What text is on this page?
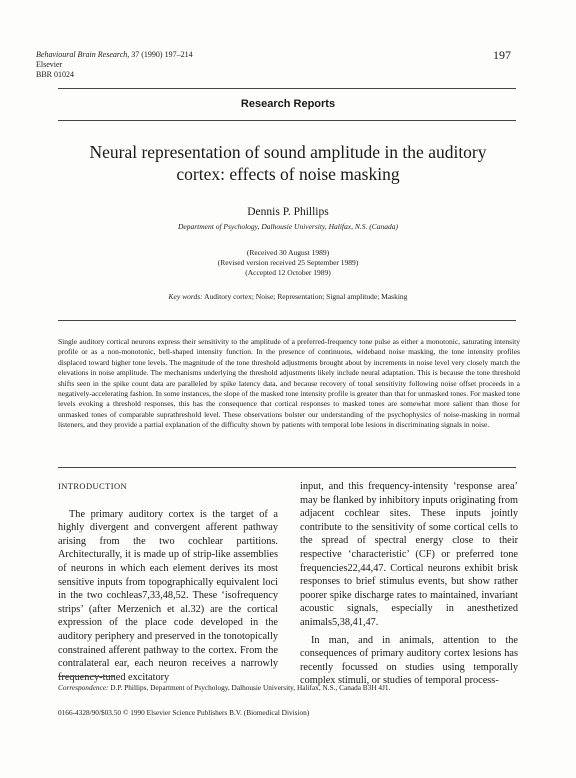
Behavioural Brain Research, 37 (1990) 197–214
Elsevier
BBR 01024
197
Research Reports
Neural representation of sound amplitude in the auditory cortex: effects of noise masking
Dennis P. Phillips
Department of Psychology, Dalhousie University, Halifax, N.S. (Canada)
(Received 30 August 1989)
(Revised version received 25 September 1989)
(Accepted 12 October 1989)
Key words: Auditory cortex; Noise; Representation; Signal amplitude; Masking
Single auditory cortical neurons express their sensitivity to the amplitude of a preferred-frequency tone pulse as either a monotonic, saturating intensity profile or as a non-monotonic, bell-shaped intensity function. In the presence of continuous, wideband noise masking, the tone intensity profiles displaced toward higher tone levels. The magnitude of the tone threshold adjustments brought about by increments in noise level very closely match the elevations in noise amplitude. The mechanisms underlying the threshold adjustments likely include neural adaptation. This is because the tone threshold shifts seen in the spike count data are paralleled by spike latency data, and because recovery of tonal sensitivity following noise offset proceeds in a negatively-accelerating fashion. In some instances, the slope of the masked tone intensity profile is greater than that for unmasked tones. For masked tone levels evoking a threshold responses, this has the consequence that cortical responses to masked tones are somewhat more salient than those for unmasked tones of comparable suprathreshold level. These observations bolster our understanding of the psychophysics of noise-masking in normal listeners, and they provide a partial explanation of the difficulty shown by patients with temporal lobe lesions in discriminating signals in noise.
INTRODUCTION

The primary auditory cortex is the target of a highly divergent and convergent afferent pathway arising from the two cochlear partitions. Architecturally, it is made up of strip-like assemblies of neurons in which each element derives its most sensitive inputs from topographically equivalent loci in the two cochleas7,33,48,52. These ‘isofrequency strips’ (after Merzenich et al.32) are the cortical expression of the place code developed in the auditory periphery and preserved in the tonotopically constrained afferent pathway to the cortex. From the contralateral ear, each neuron receives a narrowly frequency-tuned excitatory

input, and this frequency-intensity ‘response area’ may be flanked by inhibitory inputs originating from adjacent cochlear sites. These inputs jointly contribute to the sensitivity of some cortical cells to the spread of spectral energy close to their respective ‘characteristic’ (CF) or preferred tone frequencies22,44,47. Cortical neurons exhibit brisk responses to brief stimulus events, but show rather poorer spike discharge rates to maintained, invariant acoustic signals, especially in anesthetized animals5,38,41,47.

In man, and in animals, attention to the consequences of primary auditory cortex lesions has recently focussed on studies using temporally complex stimuli, or studies of temporal process-

Correspondence: D.P. Phillips, Department of Psychology, Dalhousie University, Halifax, N.S., Canada B3H 4J1.
0166-4328/90/$03.50 © 1990 Elsevier Science Publishers B.V. (Biomedical Division)
